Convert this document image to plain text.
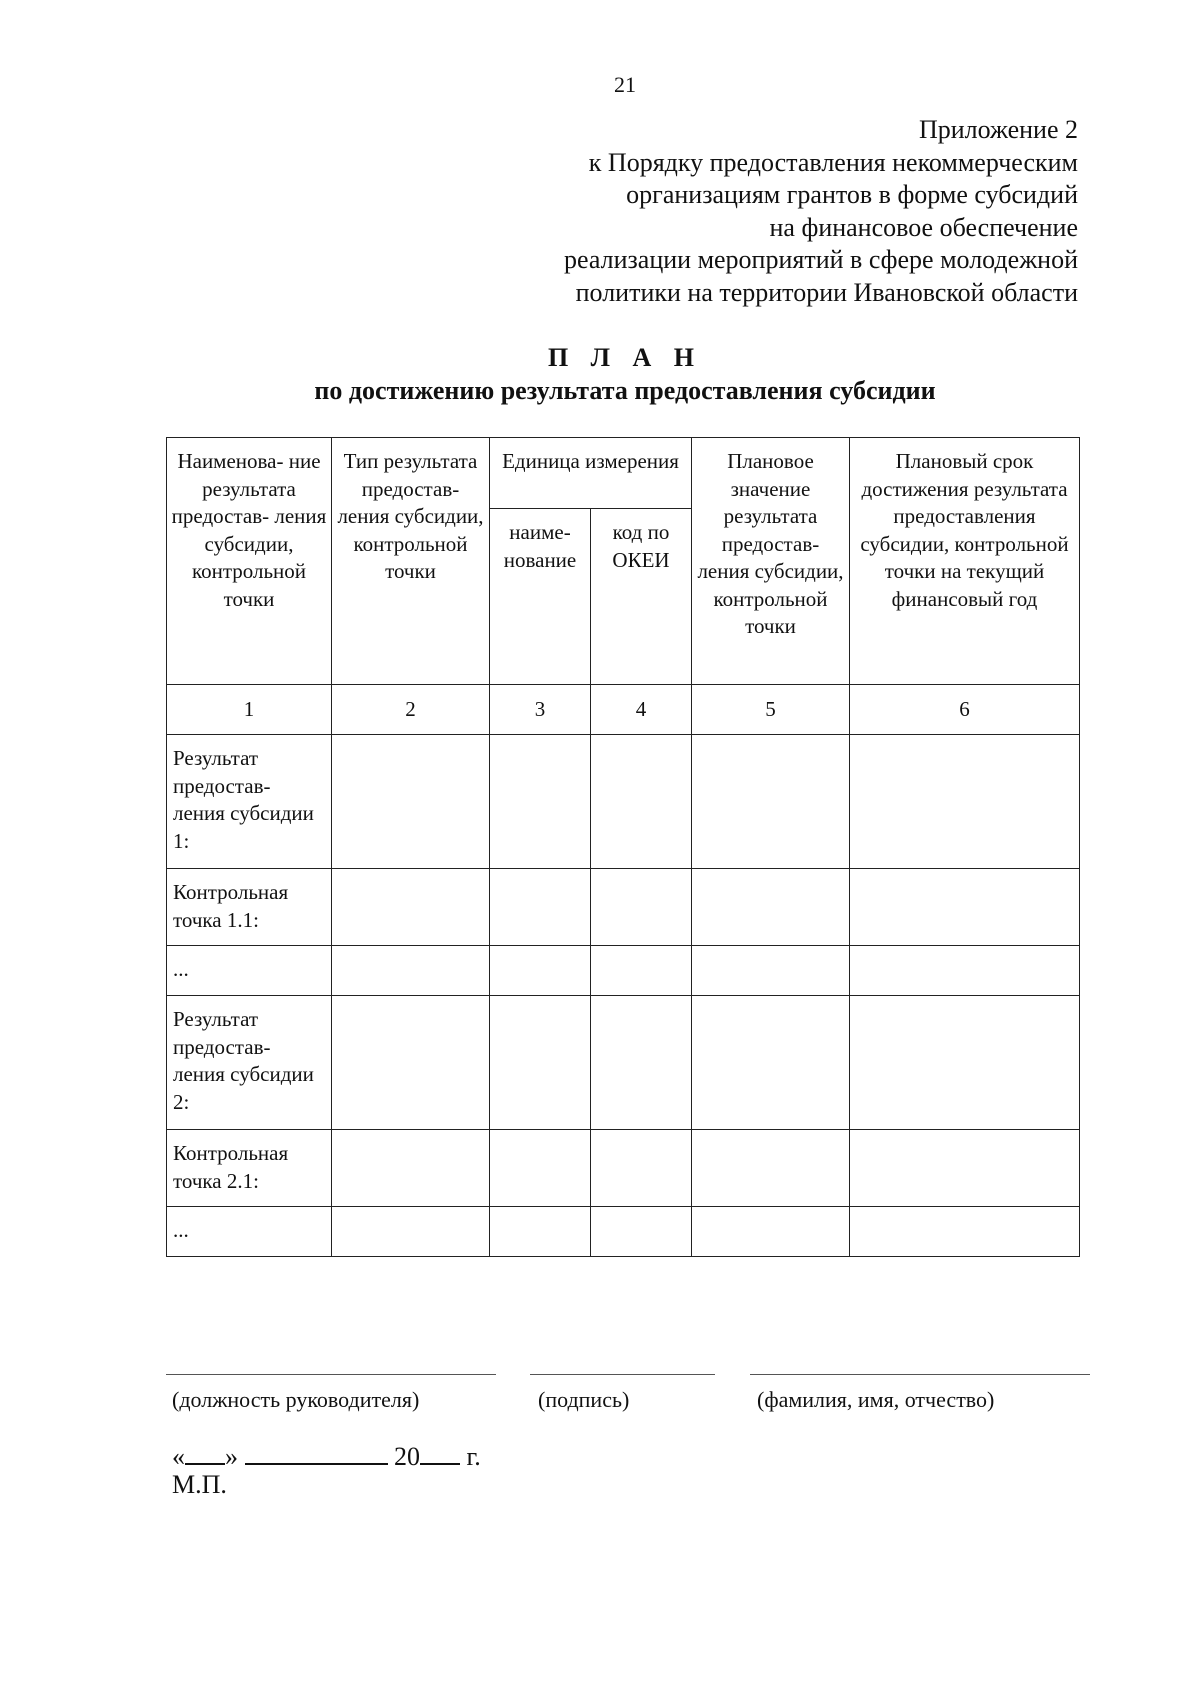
21
Приложение 2
к Порядку предоставления некоммерческим
организациям грантов в форме субсидий
на финансовое обеспечение
реализации мероприятий в сфере молодежной
политики на территории Ивановской области
П Л А Н
по достижению результата предоставления субсидии
Наименова- ние результата предостав- ления субсидии, контрольной точки	Тип результата предостав- ления субсидии, контрольной точки	Единица измерения		Плановое значение результата предостав- ления субсидии, контрольной точки	Плановый срок достижения результата предоставления субсидии, контрольной точки на текущий финансовый год
		наиме- нование	код по ОКЕИ		
1	2	3	4	5	6
Результат предостав- ления субсидии 1:					
Контрольная точка 1.1:					
...					
Результат предостав- ления субсидии 2:					
Контрольная точка 2.1:					
...					
(должность руководителя)	(подпись)	(фамилия, имя, отчество)
« »	20 г.
М.П.
